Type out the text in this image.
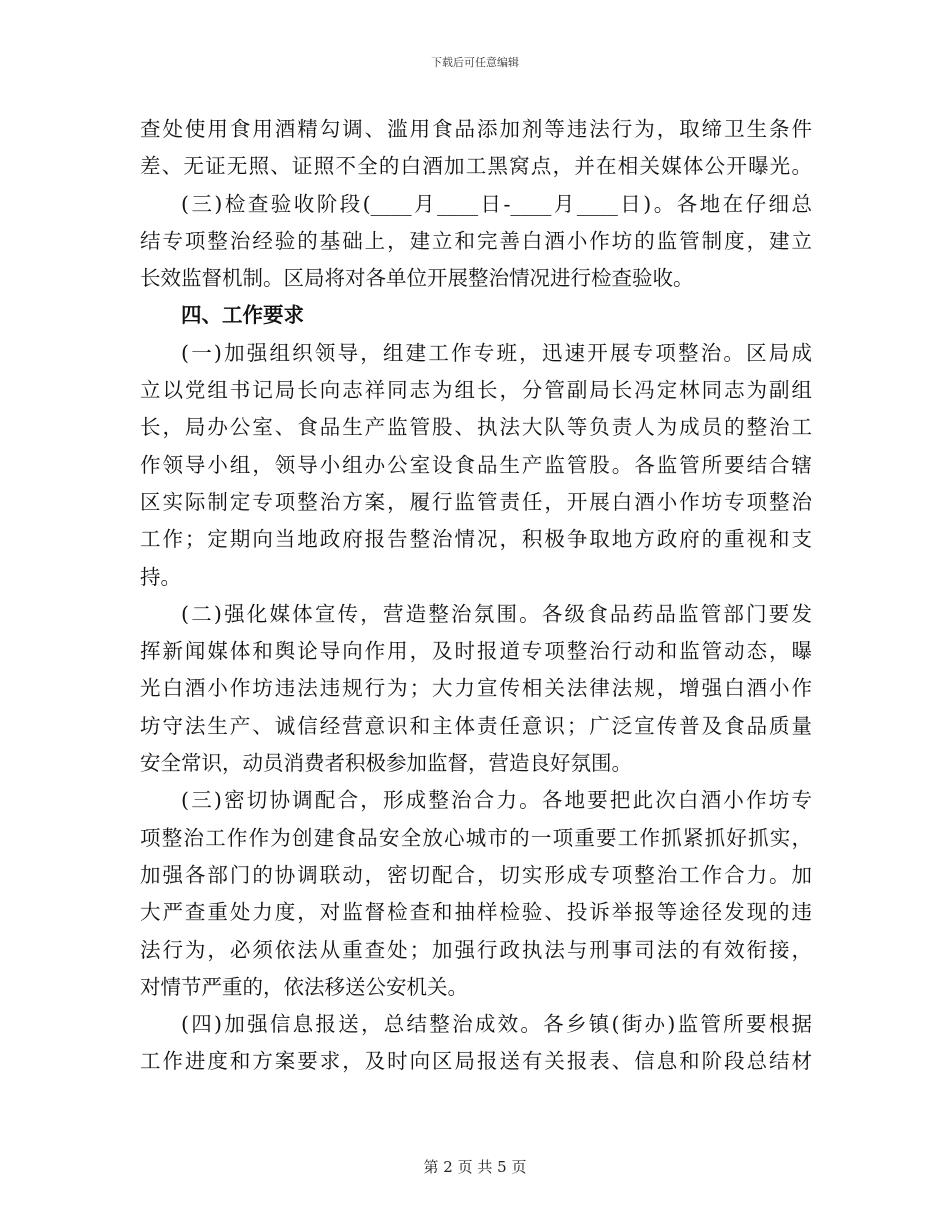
下载后可任意编辑
查处使用食用酒精勾调、滥用食品添加剂等违法行为，取缔卫生条件
差、无证无照、证照不全的白酒加工黑窝点，并在相关媒体公开曝光。
(三)检查验收阶段(____月____日-____月____日)。各地在仔细总
结专项整治经验的基础上，建立和完善白酒小作坊的监管制度，建立
长效监督机制。区局将对各单位开展整治情况进行检查验收。
四、工作要求
(一)加强组织领导，组建工作专班，迅速开展专项整治。区局成
立以党组书记局长向志祥同志为组长，分管副局长冯定林同志为副组
长，局办公室、食品生产监管股、执法大队等负责人为成员的整治工
作领导小组，领导小组办公室设食品生产监管股。各监管所要结合辖
区实际制定专项整治方案，履行监管责任，开展白酒小作坊专项整治
工作；定期向当地政府报告整治情况，积极争取地方政府的重视和支
持。
(二)强化媒体宣传，营造整治氛围。各级食品药品监管部门要发
挥新闻媒体和舆论导向作用，及时报道专项整治行动和监管动态，曝
光白酒小作坊违法违规行为；大力宣传相关法律法规，增强白酒小作
坊守法生产、诚信经营意识和主体责任意识；广泛宣传普及食品质量
安全常识，动员消费者积极参加监督，营造良好氛围。
(三)密切协调配合，形成整治合力。各地要把此次白酒小作坊专
项整治工作作为创建食品安全放心城市的一项重要工作抓紧抓好抓实，
加强各部门的协调联动，密切配合，切实形成专项整治工作合力。加
大严查重处力度，对监督检查和抽样检验、投诉举报等途径发现的违
法行为，必须依法从重查处；加强行政执法与刑事司法的有效衔接，
对情节严重的，依法移送公安机关。
(四)加强信息报送，总结整治成效。各乡镇(街办)监管所要根据
工作进度和方案要求，及时向区局报送有关报表、信息和阶段总结材
第 2 页 共 5 页
